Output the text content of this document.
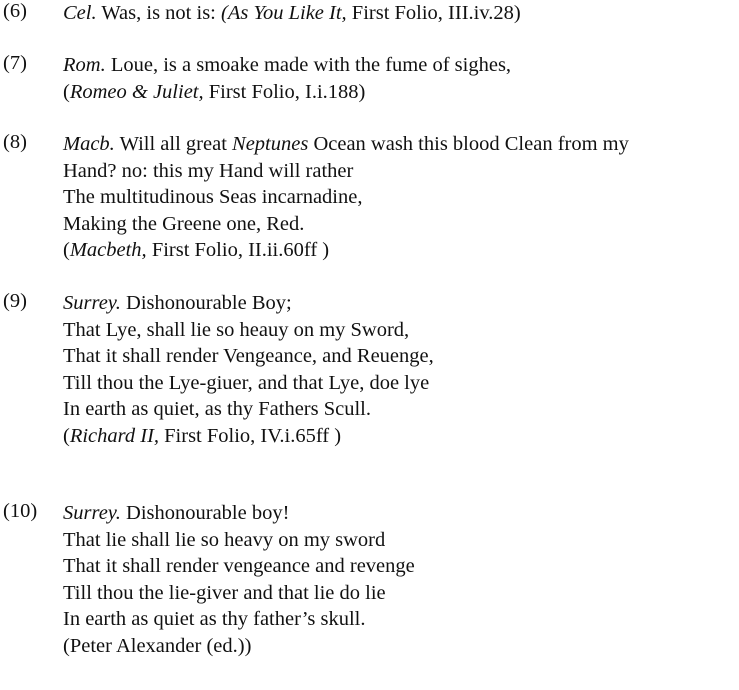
(6) Cel. Was, is not is: (As You Like It, First Folio, III.iv.28)
(7) Rom. Loue, is a smoake made with the fume of sighes,
(Romeo & Juliet, First Folio, I.i.188)
(8) Macb. Will all great Neptunes Ocean wash this blood Clean from my
Hand? no: this my Hand will rather
The multitudinous Seas incarnadine,
Making the Greene one, Red.
(Macbeth, First Folio, II.ii.60ff )
(9) Surrey. Dishonourable Boy;
That Lye, shall lie so heauy on my Sword,
That it shall render Vengeance, and Reuenge,
Till thou the Lye-giuer, and that Lye, doe lye
In earth as quiet, as thy Fathers Scull.
(Richard II, First Folio, IV.i.65ff )
(10) Surrey. Dishonourable boy!
That lie shall lie so heavy on my sword
That it shall render vengeance and revenge
Till thou the lie-giver and that lie do lie
In earth as quiet as thy father’s skull.
(Peter Alexander (ed.))
